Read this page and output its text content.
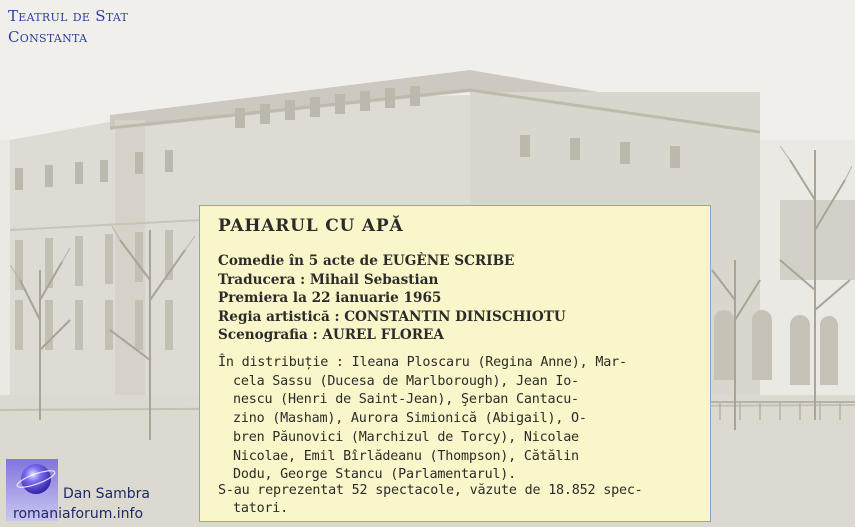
Teatrul de Stat
Constanta
PAHARUL CU APĂ
Comedie în 5 acte de EUGÈNE SCRIBE
Traducera : Mihail Sebastian
Premiera la 22 ianuarie 1965
Regia artistică : CONSTANTIN DINISCHIOTU
Scenografia : AUREL FLOREA
În distribuție : Ileana Ploscaru (Regina Anne), Mar-
cela Sassu (Ducesa de Marlborough), Jean Io-
nescu (Henri de Saint-Jean), Şerban Cantacu-
zino (Masham), Aurora Simionică (Abigail), O-
bren Păunovici (Marchizul de Torcy), Nicolae
Nicolae, Emil Bîrlădeanu (Thompson), Cătălin
Dodu, George Stancu (Parlamentarul).
S-au reprezentat 52 spectacole, văzute de 18.852 spec-
tatori.
Dan Sambra
romaniaforum.info
